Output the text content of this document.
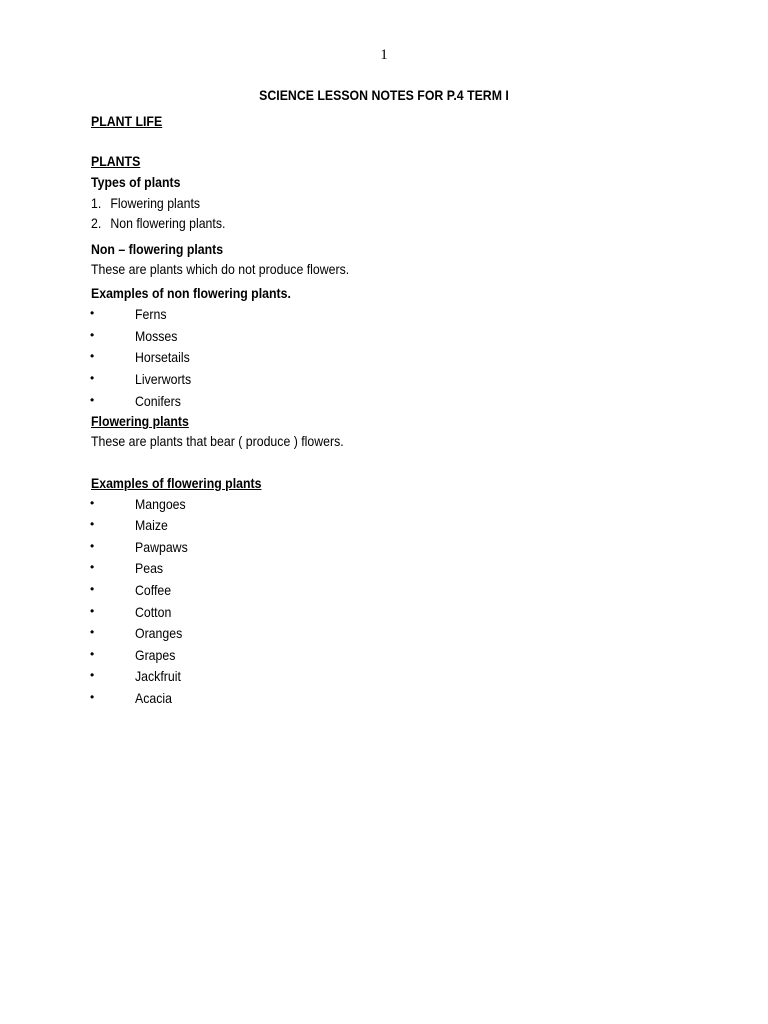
1
SCIENCE LESSON NOTES FOR P.4 TERM I
PLANT LIFE
PLANTS
Types of plants
1. Flowering plants
2. Non flowering plants.
Non – flowering plants
These are plants which do not produce flowers.
Examples of non flowering plants.
•	Ferns
•	Mosses
•	Horsetails
•	Liverworts
•	Conifers
Flowering plants
These are plants that bear ( produce ) flowers.
Examples of flowering plants
•	Mangoes
•	Maize
•	Pawpaws
•	Peas
•	Coffee
•	Cotton
•	Oranges
•	Grapes
•	Jackfruit
•	Acacia
